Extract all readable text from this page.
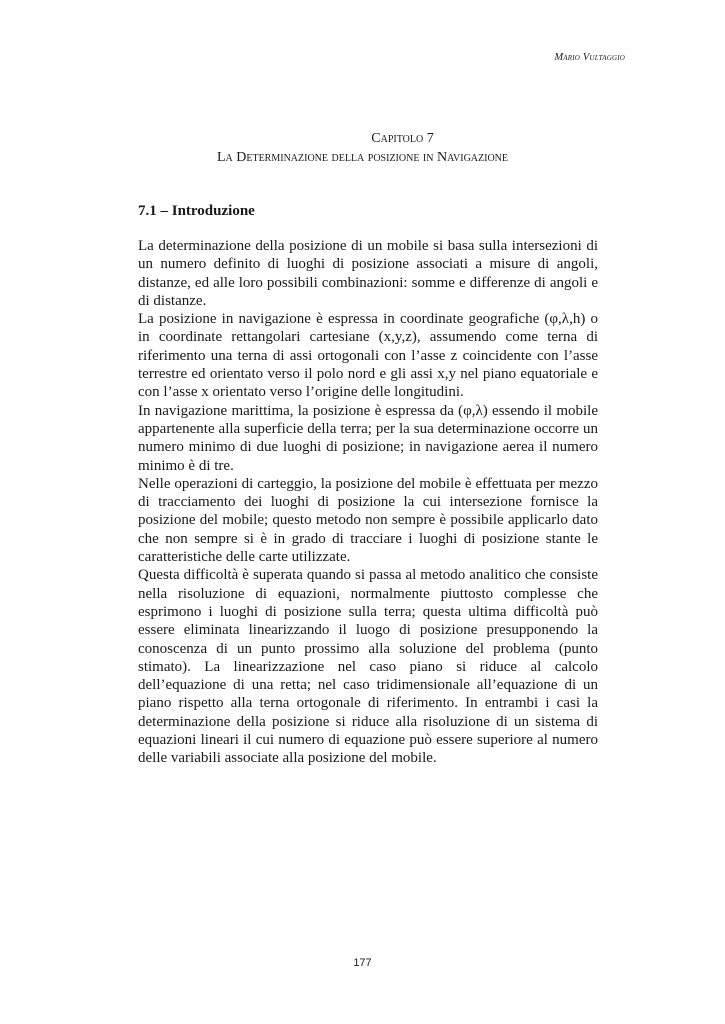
Mario Vultaggio
Capitolo 7
La Determinazione della posizione in Navigazione
7.1 – Introduzione

La determinazione della posizione di un mobile si basa sulla intersezioni di un numero definito di luoghi di posizione associati a misure di angoli, distanze, ed alle loro possibili combinazioni: somme e differenze di angoli e di distanze.

La posizione in navigazione è espressa in coordinate geografiche (φ,λ,h) o in coordinate rettangolari cartesiane (x,y,z), assumendo come terna di riferimento una terna di assi ortogonali con l’asse z coincidente con l’asse terrestre ed orientato verso il polo nord e gli assi x,y nel piano equatoriale e con l’asse x orientato verso l’origine delle longitudini.

In navigazione marittima, la posizione è espressa da (φ,λ) essendo il mobile appartenente alla superficie della terra; per la sua determinazione occorre un numero minimo di due luoghi di posizione; in navigazione aerea il numero minimo è di tre.

Nelle operazioni di carteggio, la posizione del mobile è effettuata per mezzo di tracciamento dei luoghi di posizione la cui intersezione fornisce la posizione del mobile; questo metodo non sempre è possibile applicarlo dato che non sempre si è in grado di tracciare i luoghi di posizione stante le caratteristiche delle carte utilizzate.

Questa difficoltà è superata quando si passa al metodo analitico che consiste nella risoluzione di equazioni, normalmente piuttosto complesse che esprimono i luoghi di posizione sulla terra; questa ultima difficoltà può essere eliminata linearizzando il luogo di posizione presupponendo la conoscenza di un punto prossimo alla soluzione del problema (punto stimato). La linearizzazione nel caso piano si riduce al calcolo dell’equazione di una retta; nel caso tridimensionale all’equazione di un piano rispetto alla terna ortogonale di riferimento. In entrambi i casi la determinazione della posizione si riduce alla risoluzione di un sistema di equazioni lineari il cui numero di equazione può essere superiore al numero delle variabili associate alla posizione del mobile.

177
